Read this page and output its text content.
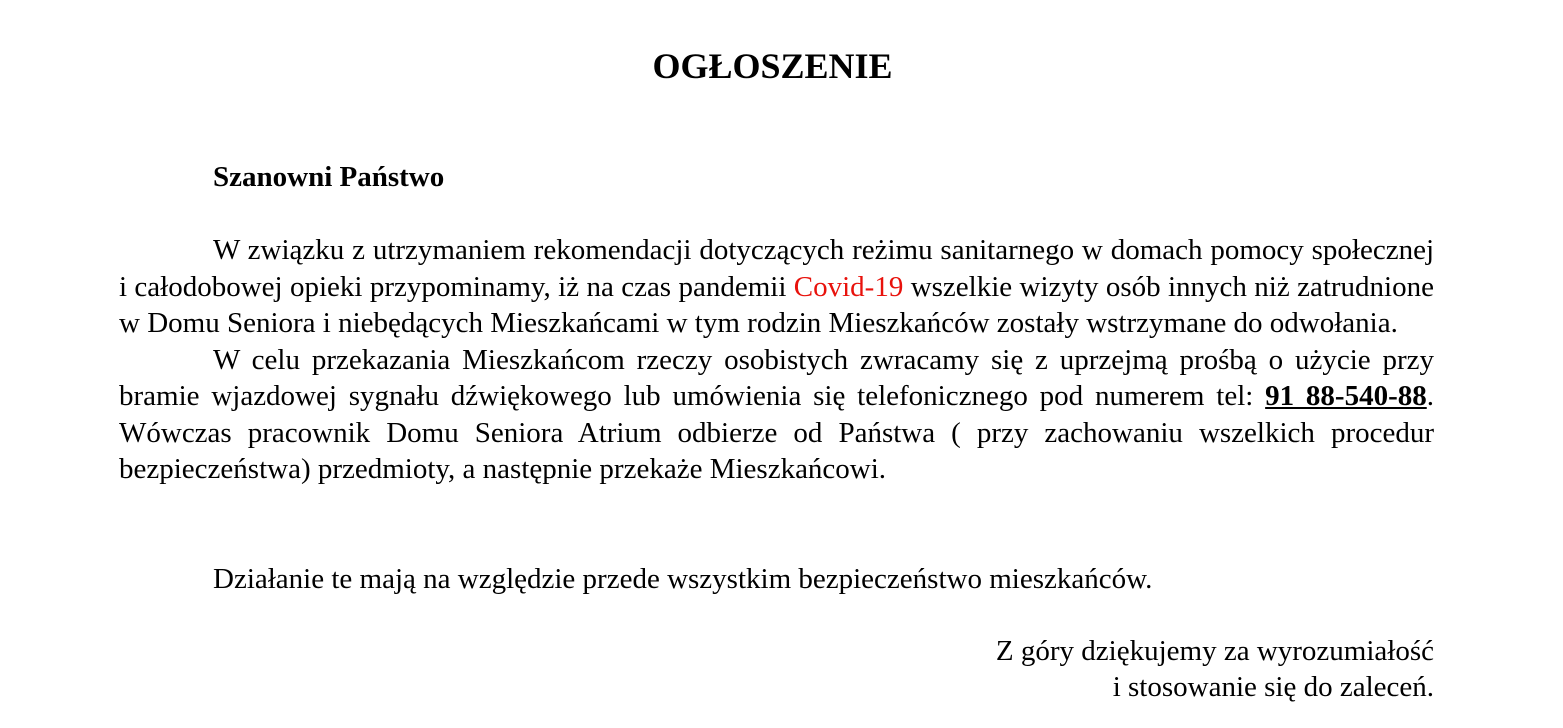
OGŁOSZENIE

Szanowni Państwo

W związku z utrzymaniem rekomendacji dotyczących reżimu sanitarnego w domach pomocy społecznej i całodobowej opieki przypominamy, iż na czas pandemii Covid-19 wszelkie wizyty osób innych niż zatrudnione w Domu Seniora i niebędących Mieszkańcami w tym rodzin Mieszkańców zostały wstrzymane do odwołania.

W celu przekazania Mieszkańcom rzeczy osobistych zwracamy się z uprzejmą prośbą o użycie przy bramie wjazdowej sygnału dźwiękowego lub umówienia się telefonicznego pod numerem tel: 91 88-540-88. Wówczas pracownik Domu Seniora Atrium odbierze od Państwa ( przy zachowaniu wszelkich procedur bezpieczeństwa) przedmioty, a następnie przekaże Mieszkańcowi.

Działanie te mają na względzie przede wszystkim bezpieczeństwo mieszkańców.

Z góry dziękujemy za wyrozumiałość
i stosowanie się do zaleceń.
